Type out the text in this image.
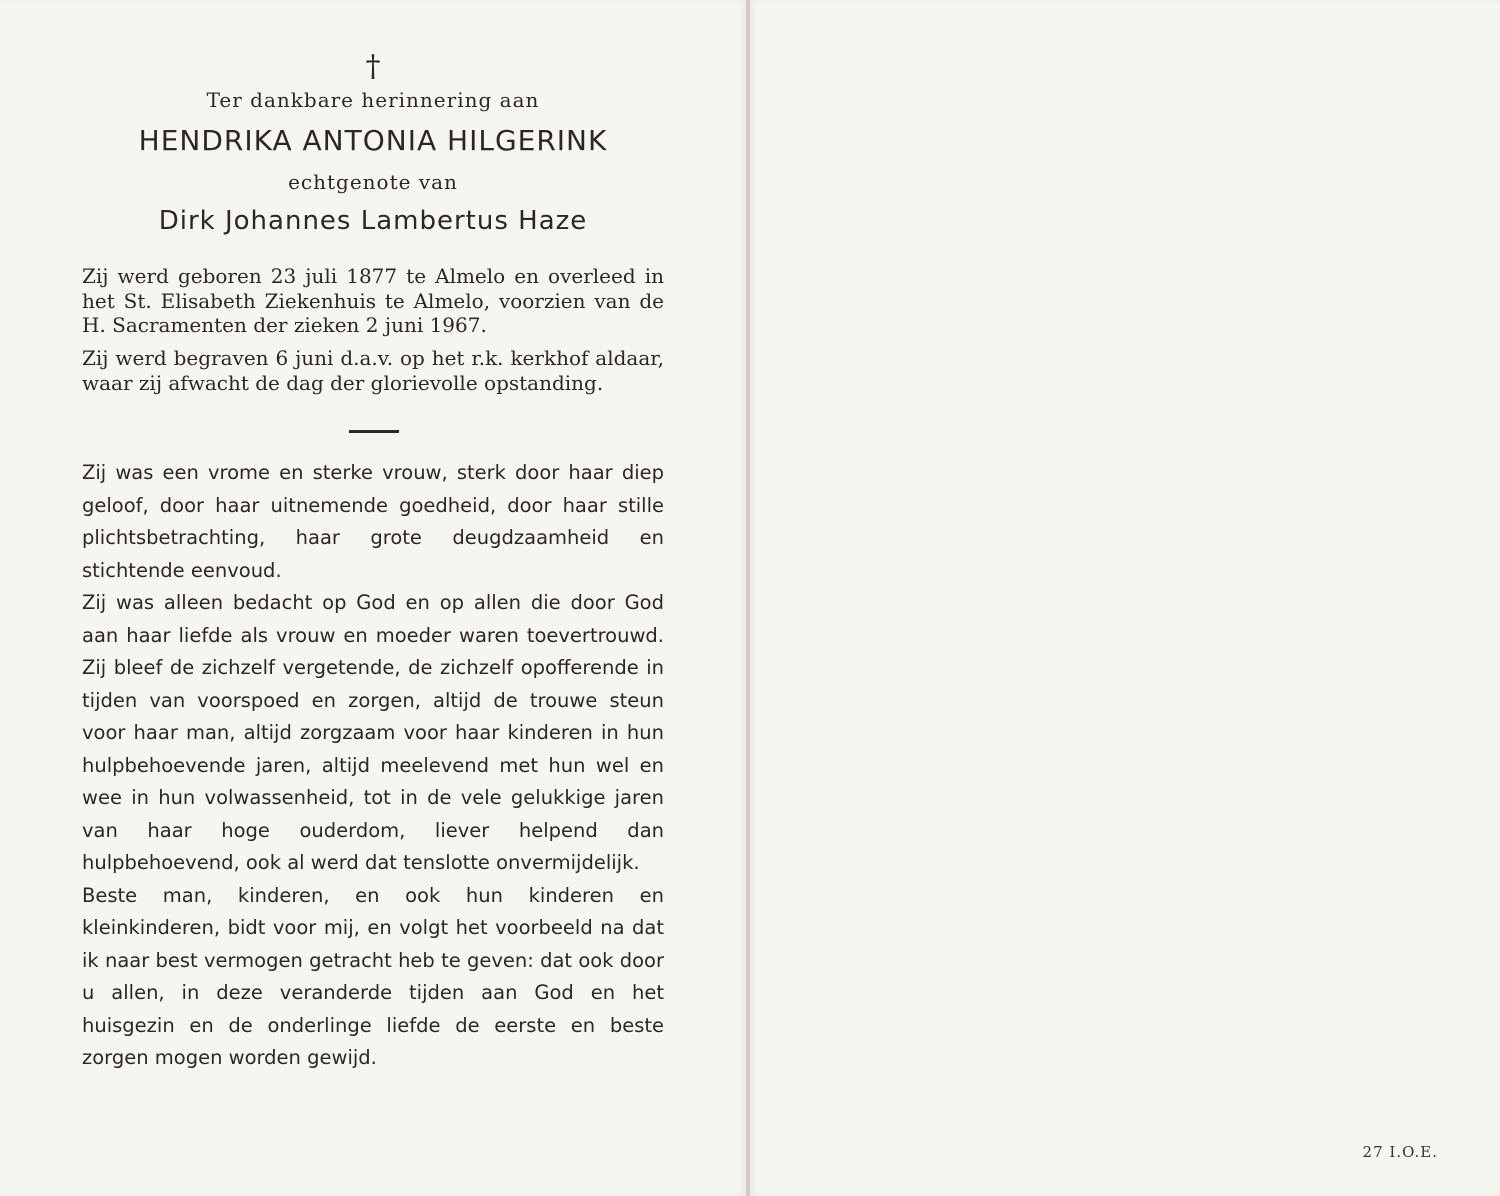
†
Ter dankbare herinnering aan
HENDRIKA ANTONIA HILGERINK
echtgenote van
Dirk Johannes Lambertus Haze

Zij werd geboren 23 juli 1877 te Almelo en overleed in het St. Elisabeth Ziekenhuis te Almelo, voorzien van de H. Sacramenten der zieken 2 juni 1967.

Zij werd begraven 6 juni d.a.v. op het r.k. kerkhof aldaar, waar zij afwacht de dag der glorievolle opstanding.

Zij was een vrome en sterke vrouw, sterk door haar diep geloof, door haar uitnemende goedheid, door haar stille plichtsbetrachting, haar grote deugdzaamheid en stichtende eenvoud.

Zij was alleen bedacht op God en op allen die door God aan haar liefde als vrouw en moeder waren toevertrouwd. Zij bleef de zichzelf vergetende, de zichzelf opofferende in tijden van voorspoed en zorgen, altijd de trouwe steun voor haar man, altijd zorgzaam voor haar kinderen in hun hulpbehoevende jaren, altijd meelevend met hun wel en wee in hun volwassenheid, tot in de vele gelukkige jaren van haar hoge ouderdom, liever helpend dan hulpbehoevend, ook al werd dat tenslotte onvermijdelijk.

Beste man, kinderen, en ook hun kinderen en kleinkinderen, bidt voor mij, en volgt het voorbeeld na dat ik naar best vermogen getracht heb te geven: dat ook door u allen, in deze veranderde tijden aan God en het huisgezin en de onderlinge liefde de eerste en beste zorgen mogen worden gewijd.

27 I.O.E.
